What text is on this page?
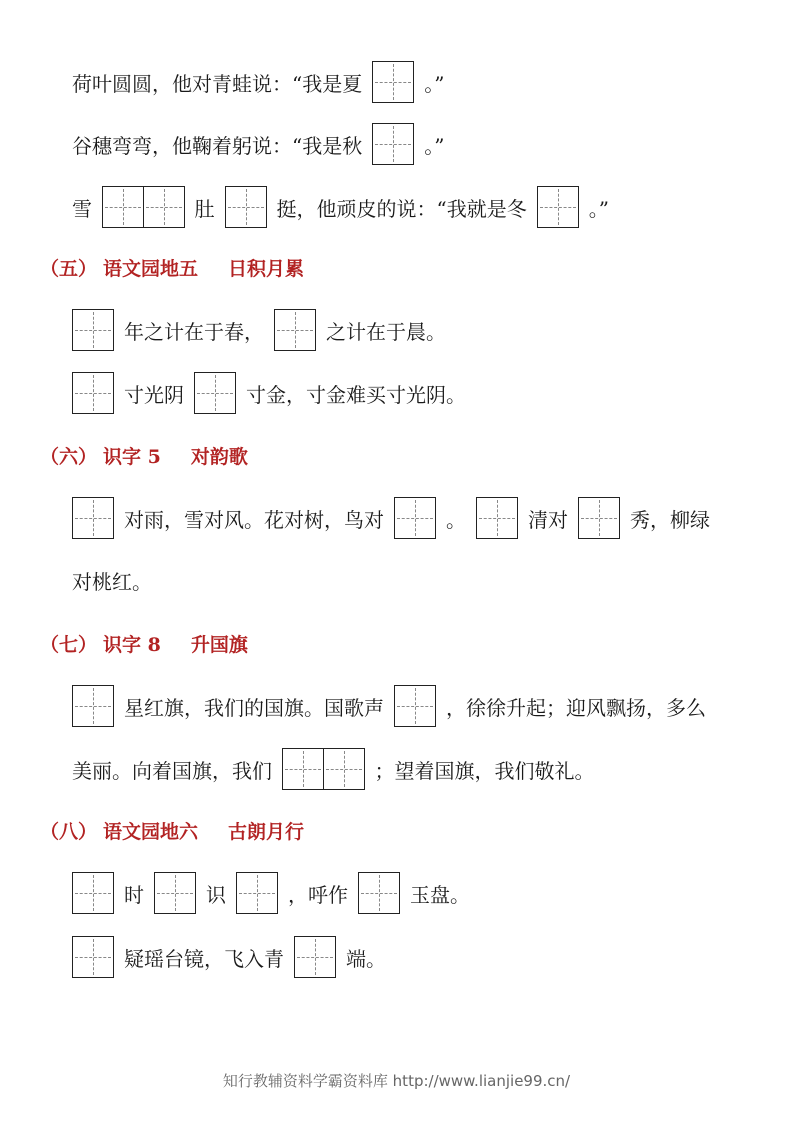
荷叶圆圆，他对青蛙说：“我是夏	。”
谷穗弯弯，他鞠着躬说：“我是秋	。”
雪	肚	挺，他顽皮的说：“我就是冬	。”
（五） 语文园地五 日积月累
年之计在于春，	之计在于晨。
寸光阴	寸金，寸金难买寸光阴。
（六） 识字 5 对韵歌
对雨，雪对风。花对树，鸟对	。	清对	秀，柳绿
对桃红。
（七） 识字 8 升国旗
星红旗，我们的国旗。国歌声	，徐徐升起；迎风飘扬，多么
美丽。向着国旗，我们	；望着国旗，我们敬礼。
（八） 语文园地六 古朗月行
时	识	，呼作	玉盘。
疑瑶台镜，飞入青	端。
知行教辅资料学霸资料库 http://www.lianjie99.cn/
